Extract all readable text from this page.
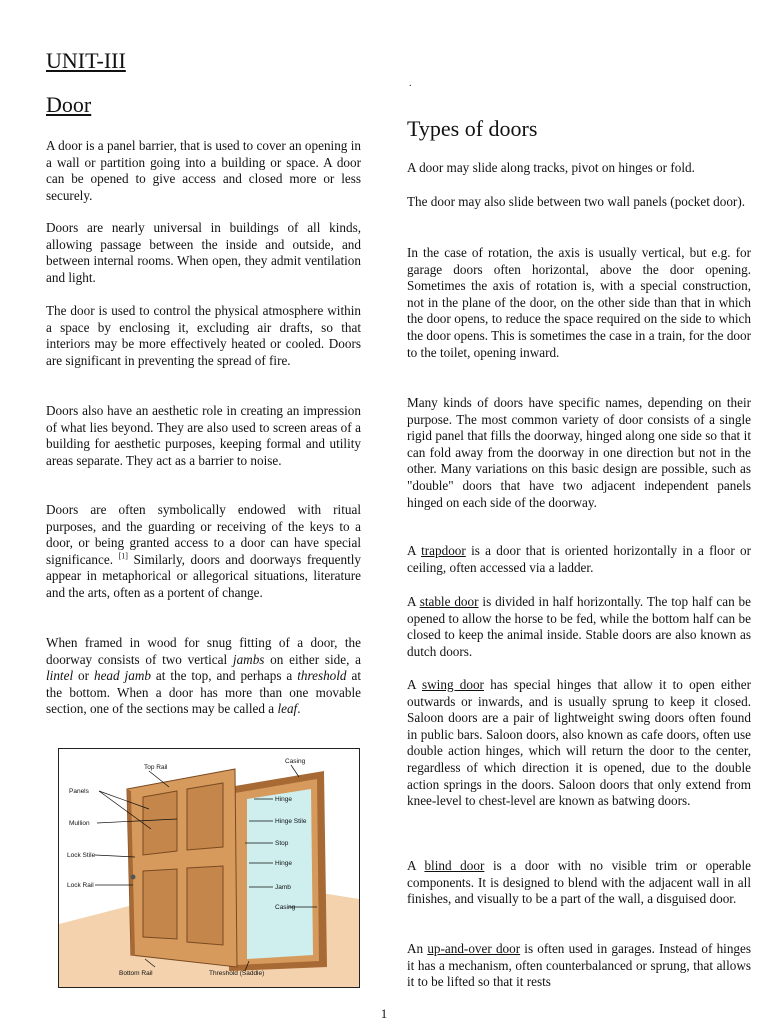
UNIT-III
Door

A door is a panel barrier, that is used to cover an opening in a wall or partition going into a building or space. A door can be opened to give access and closed more or less securely.

Doors are nearly universal in buildings of all kinds, allowing passage between the inside and outside, and between internal rooms. When open, they admit ventilation and light.

The door is used to control the physical atmosphere within a space by enclosing it, excluding air drafts, so that interiors may be more effectively heated or cooled. Doors are significant in preventing the spread of fire.

Doors also have an aesthetic role in creating an impression of what lies beyond. They are also used to screen areas of a building for aesthetic purposes, keeping formal and utility areas separate. They act as a barrier to noise.

Doors are often symbolically endowed with ritual purposes, and the guarding or receiving of the keys to a door, or being granted access to a door can have special significance. [1] Similarly, doors and doorways frequently appear in metaphorical or allegorical situations, literature and the arts, often as a portent of change.

When framed in wood for snug fitting of a door, the doorway consists of two vertical jambs on either side, a lintel or head jamb at the top, and perhaps a threshold at the bottom. When a door has more than one movable section, one of the sections may be called a leaf.

Top Rail
Casing
Panels
Hinge
Mullion	Hinge Stile
Stop
Lock Stile
Hinge
Lock Rail	Jamb
Casing
Bottom Rail	Threshold (Saddle)
.
Types of doors

A door may slide along tracks, pivot on hinges or fold.

The door may also slide between two wall panels (pocket door).

In the case of rotation, the axis is usually vertical, but e.g. for garage doors often horizontal, above the door opening. Sometimes the axis of rotation is, with a special construction, not in the plane of the door, on the other side than that in which the door opens, to reduce the space required on the side to which the door opens. This is sometimes the case in a train, for the door to the toilet, opening inward.

Many kinds of doors have specific names, depending on their purpose. The most common variety of door consists of a single rigid panel that fills the doorway, hinged along one side so that it can fold away from the doorway in one direction but not in the other. Many variations on this basic design are possible, such as "double" doors that have two adjacent independent panels hinged on each side of the doorway.

A trapdoor is a door that is oriented horizontally in a floor or ceiling, often accessed via a ladder.

A stable door is divided in half horizontally. The top half can be opened to allow the horse to be fed, while the bottom half can be closed to keep the animal inside. Stable doors are also known as dutch doors.

A swing door has special hinges that allow it to open either outwards or inwards, and is usually sprung to keep it closed. Saloon doors are a pair of lightweight swing doors often found in public bars. Saloon doors, also known as cafe doors, often use double action hinges, which will return the door to the center, regardless of which direction it is opened, due to the double action springs in the doors. Saloon doors that only extend from knee-level to chest-level are known as batwing doors.

A blind door is a door with no visible trim or operable components. It is designed to blend with the adjacent wall in all finishes, and visually to be a part of the wall, a disguised door.

An up-and-over door is often used in garages. Instead of hinges it has a mechanism, often counterbalanced or sprung, that allows it to be lifted so that it rests

1
